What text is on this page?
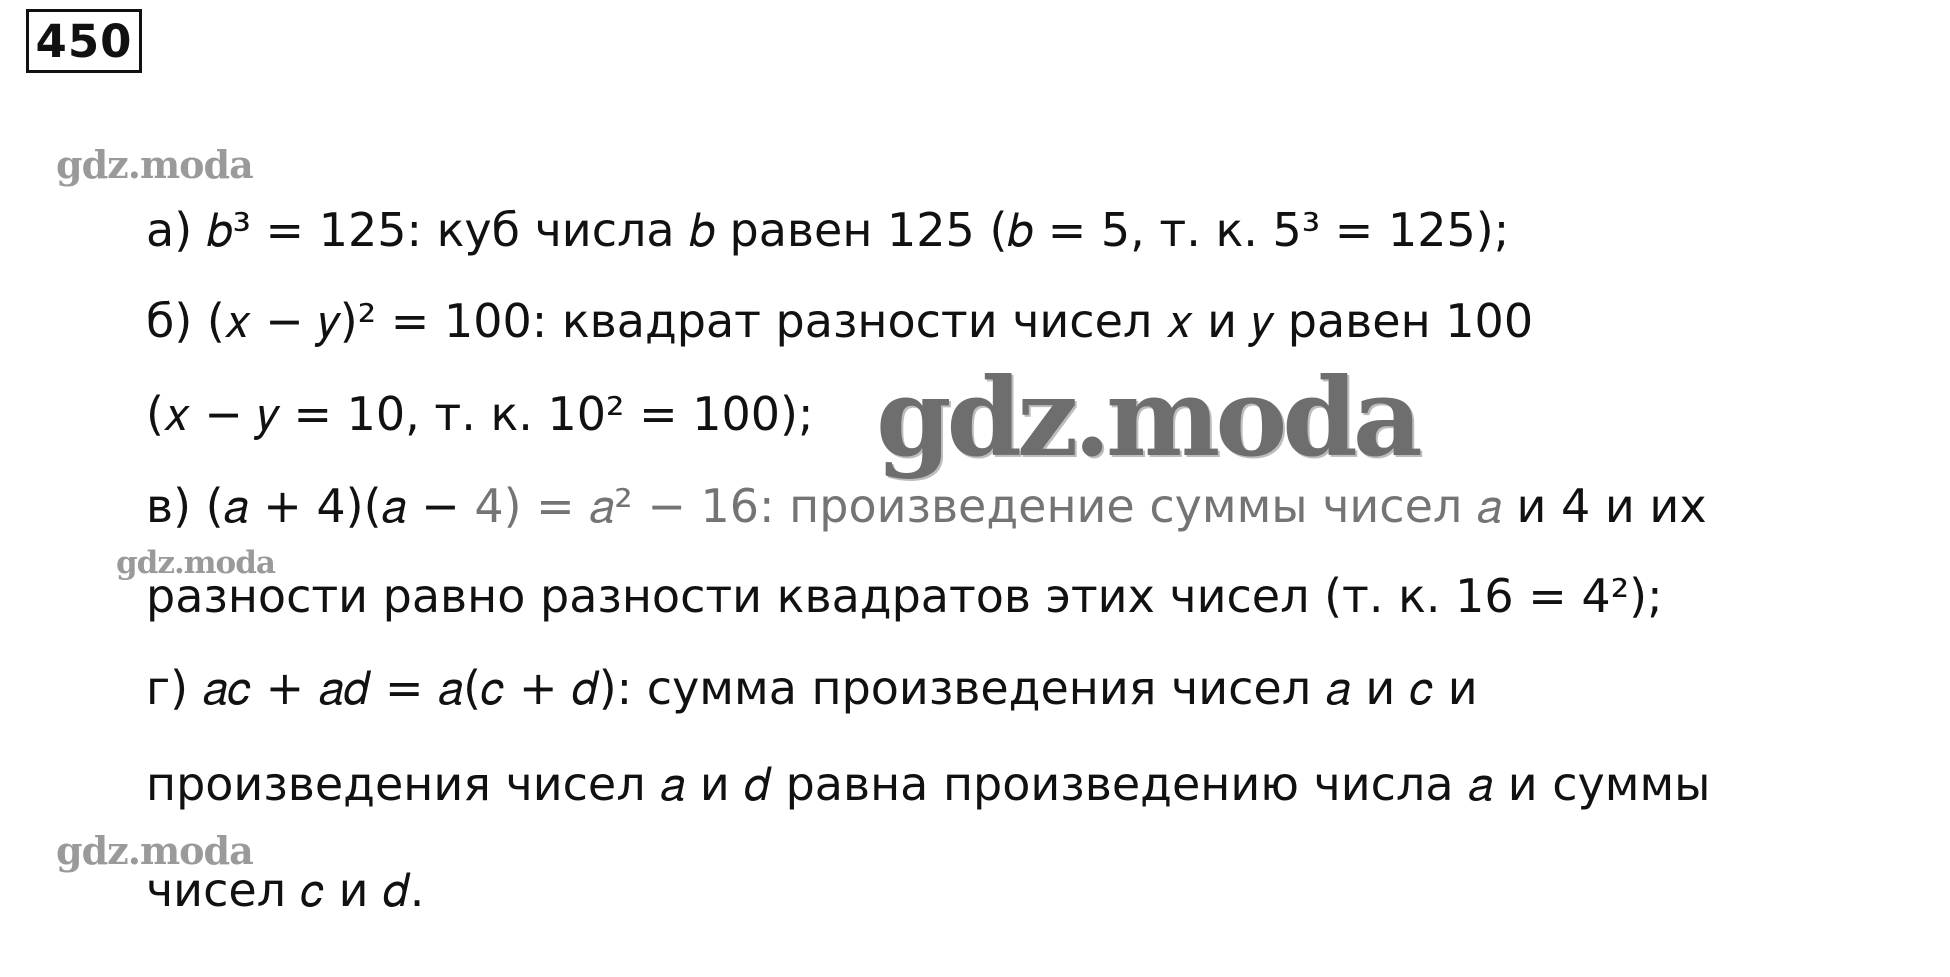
450
gdz.moda
gdz.moda
gdz.moda
а) 𝑏³ = 125: куб числа 𝑏 равен 125 (𝑏 = 5, т. к. 5³ = 125);
б) (𝑥 − 𝑦)² = 100: квадрат разности чисел 𝑥 и 𝑦 равен 100
(𝑥 − 𝑦 = 10, т. к. 10² = 100);
в) (𝑎 + 4)(𝑎 − 4) = 𝑎² − 16: произведение суммы чисел 𝑎 и 4 и их
разности равно разности квадратов этих чисел (т. к. 16 = 4²);
г) 𝑎𝑐 + 𝑎𝑑 = 𝑎(𝑐 + 𝑑): сумма произведения чисел 𝑎 и 𝑐 и
произведения чисел 𝑎 и 𝑑 равна произведению числа 𝑎 и суммы
чисел 𝑐 и 𝑑.
gdz.moda
